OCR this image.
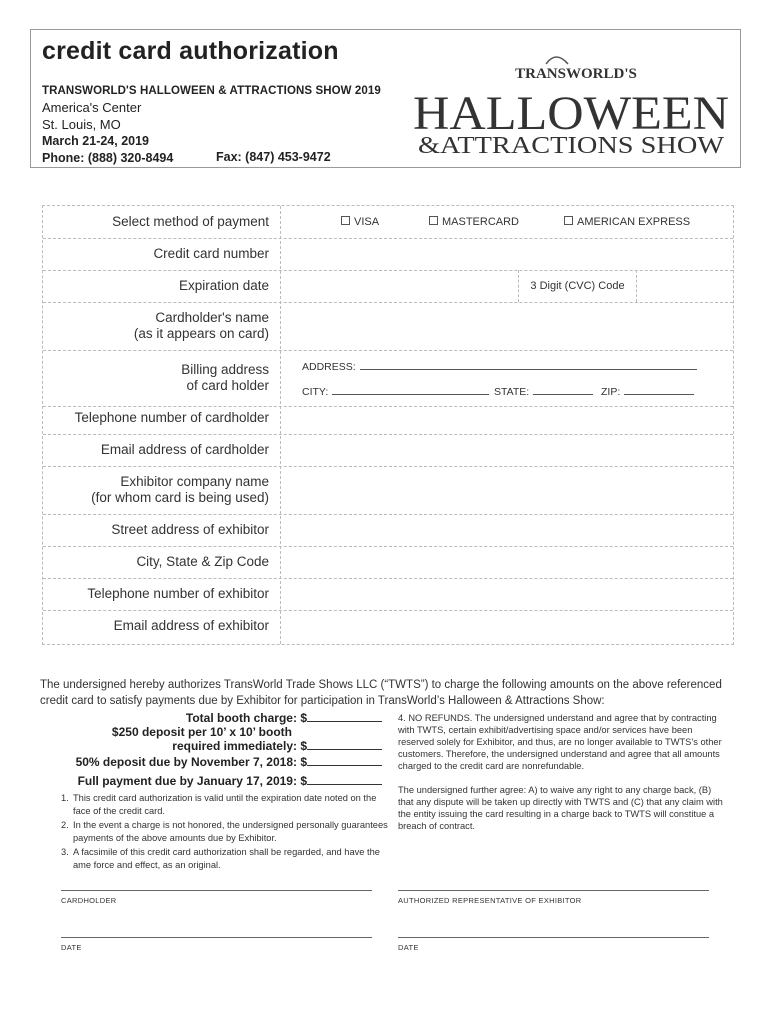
credit card authorization
TRANSWORLD'S HALLOWEEN & ATTRACTIONS SHOW 2019
America's Center
St. Louis, MO
March 21-24, 2019
Phone: (888) 320-8494	Fax: (847) 453-9472
TRANSWORLD'S
HALLOWEEN
&ATTRACTIONS SHOW
Select method of payment	VISA	MASTERCARD	AMERICAN EXPRESS
Credit card number
Expiration date	3 Digit (CVC) Code
Cardholder's name
(as it appears on card)
Billing address
of card holder
ADDRESS:
CITY:	STATE:	ZIP:
Telephone number of cardholder
Email address of cardholder
Exhibitor company name
(for whom card is being used)
Street address of exhibitor
City, State & Zip Code
Telephone number of exhibitor
Email address of exhibitor
The undersigned hereby authorizes TransWorld Trade Shows LLC (“TWTS”) to charge the following amounts on the above referenced credit card to satisfy payments due by Exhibitor for participation in TransWorld’s Halloween & Attractions Show:
Total booth charge: $
$250 deposit per 10’ x 10’ booth
required immediately: $
50% deposit due by November 7, 2018: $
Full payment due by January 17, 2019: $
1. This credit card authorization is valid until the expiration date noted on the face of the credit card.
2. In the event a charge is not honored, the undersigned personally guarantees payments of the above amounts due by Exhibitor.
3. A facsimile of this credit card authorization shall be regarded, and have the ame force and effect, as an original.
4. NO REFUNDS. The undersigned understand and agree that by contracting with TWTS, certain exhibit/advertising space and/or services have been reserved solely for Exhibitor, and thus, are no longer available to TWTS’s other customers. Therefore, the undersigned understand and agree that all amounts charged to the credit card are nonrefundable.
The undersigned further agree: A) to waive any right to any charge back, (B) that any dispute will be taken up directly with TWTS and (C) that any claim with the entity issuing the card resulting in a charge back to TWTS will constitue a breach of contract.
CARDHOLDER	AUTHORIZED REPRESENTATIVE OF EXHIBITOR
DATE	DATE
